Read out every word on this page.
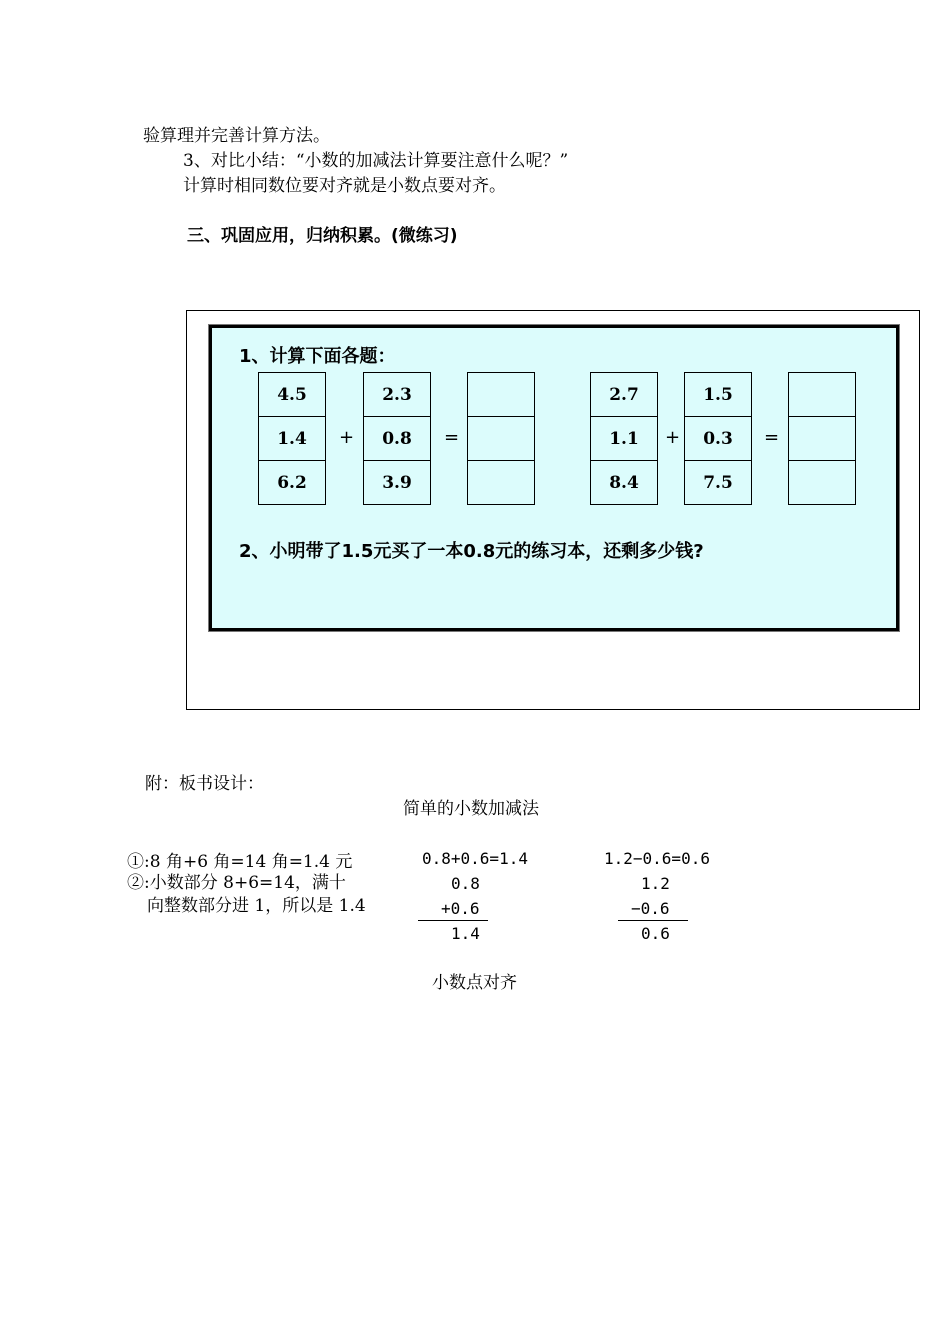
验算理并完善计算方法。
3、对比小结：“小数的加减法计算要注意什么呢？”
计算时相同数位要对齐就是小数点要对齐。
三、巩固应用，归纳积累。(微练习)
1、计算下面各题：
4.5
1.4
6.2
+
2.3
0.8
3.9
=
2.7
1.1
8.4
+
1.5
0.3
7.5
=
2、小明带了1.5元买了一本0.8元的练习本，还剩多少钱?
附：板书设计：
简单的小数加减法
①:8 角+6 角=14 角=1.4 元
②:小数部分 8+6=14，满十
向整数部分进 1，所以是 1.4
0.8+0.6=1.4
0.8
+0.6
1.4
1.2−0.6=0.6
1.2
−0.6
0.6
小数点对齐
